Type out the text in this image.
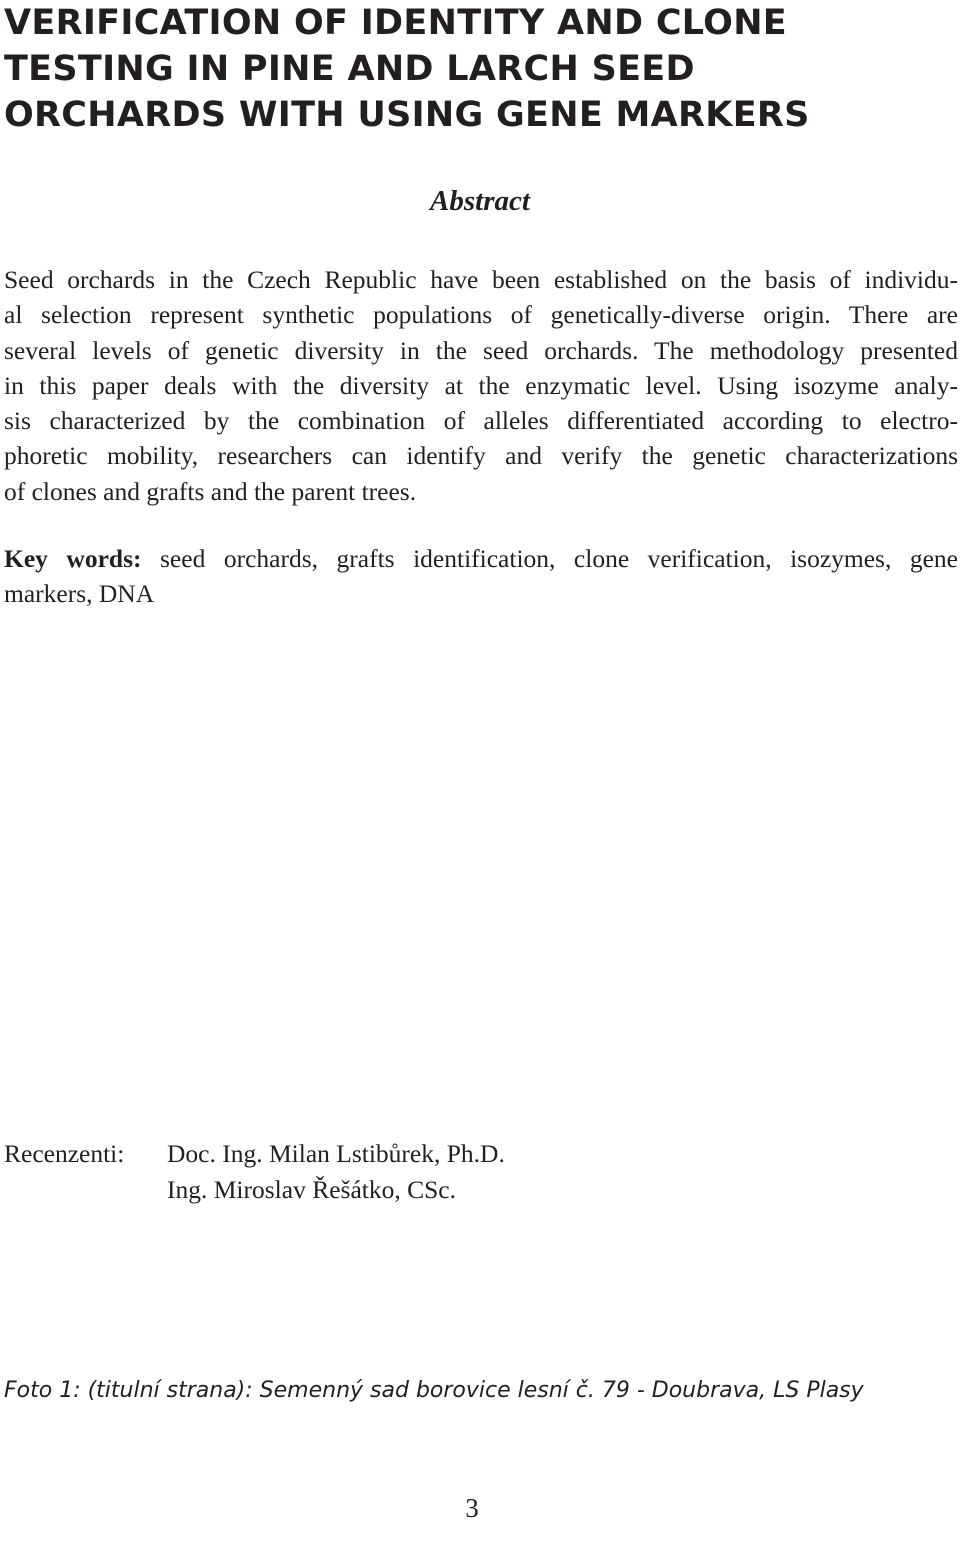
VERIFICATION OF IDENTITY AND CLONE
TESTING IN PINE AND LARCH SEED
ORCHARDS WITH USING GENE MARKERS
Abstract

Seed orchards in the Czech Republic have been established on the basis of individu-
al selection represent synthetic populations of genetically-diverse origin. There are
several levels of genetic diversity in the seed orchards. The methodology presented
in this paper deals with the diversity at the enzymatic level. Using isozyme analy-
sis characterized by the combination of alleles differentiated according to electro-
phoretic mobility, researchers can identify and verify the genetic characterizations
of clones and grafts and the parent trees.

Key words: seed orchards, grafts identification, clone verification, isozymes, gene
markers, DNA

Recenzenti: Doc. Ing. Milan Lstibůrek, Ph.D.
Ing. Miroslav Řešátko, CSc.
Foto 1: (titulní strana): Semenný sad borovice lesní č. 79 - Doubrava, LS Plasy
3
